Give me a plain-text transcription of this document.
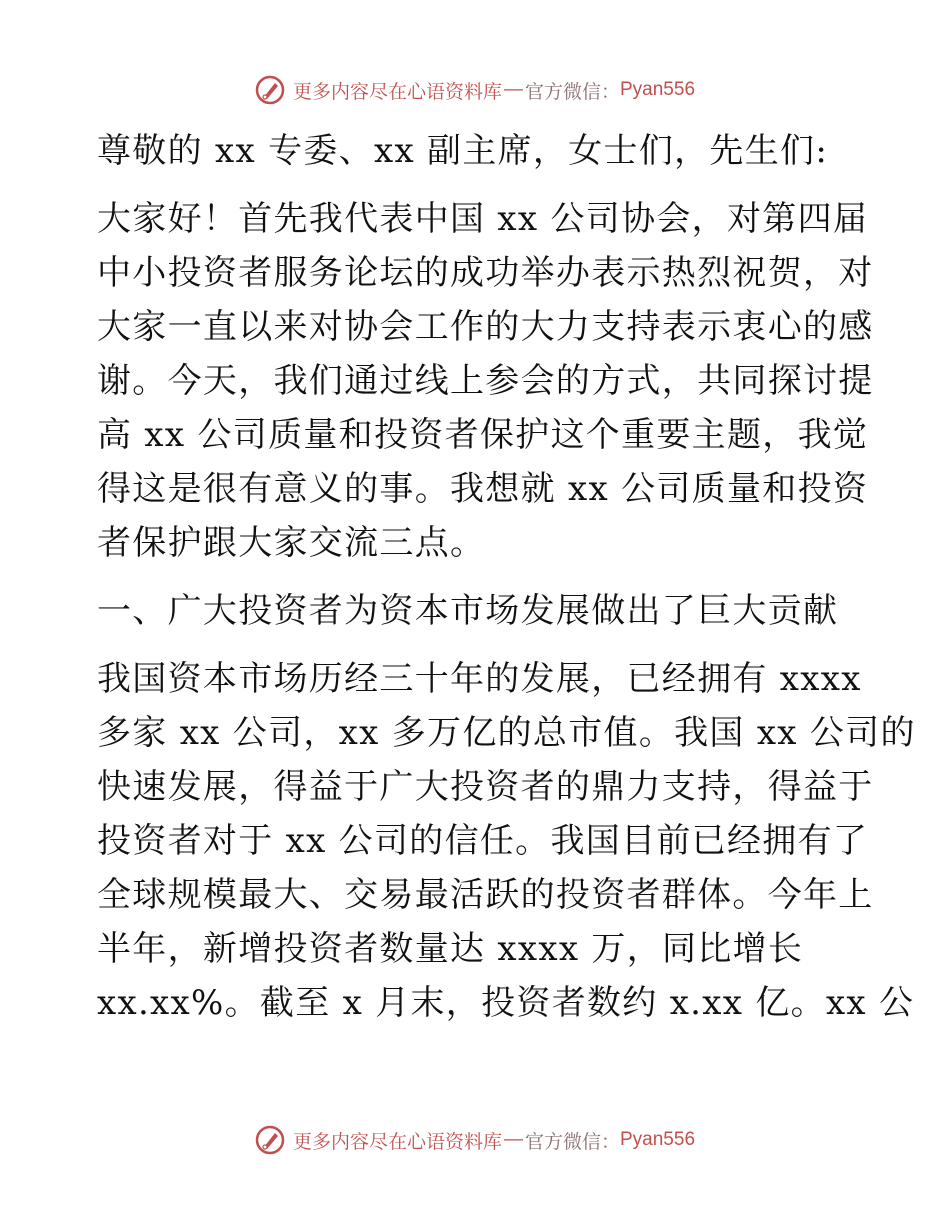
更多内容尽在心语资料库 — 官方微信： Pyan556

尊敬的 xx 专委、xx 副主席，女士们，先生们:

大家好！首先我代表中国 xx 公司协会，对第四届
中小投资者服务论坛的成功举办表示热烈祝贺，对
大家一直以来对协会工作的大力支持表示衷心的感
谢。今天，我们通过线上参会的方式，共同探讨提
高 xx 公司质量和投资者保护这个重要主题，我觉
得这是很有意义的事。我想就 xx 公司质量和投资
者保护跟大家交流三点。

一、广大投资者为资本市场发展做出了巨大贡献

我国资本市场历经三十年的发展，已经拥有 xxxx
多家 xx 公司，xx 多万亿的总市值。我国 xx 公司的
快速发展，得益于广大投资者的鼎力支持，得益于
投资者对于 xx 公司的信任。我国目前已经拥有了
全球规模最大、交易最活跃的投资者群体。今年上
半年，新增投资者数量达 xxxx 万，同比增长
xx.xx%。截至 x 月末，投资者数约 x.xx 亿。xx 公

更多内容尽在心语资料库 — 官方微信： Pyan556
